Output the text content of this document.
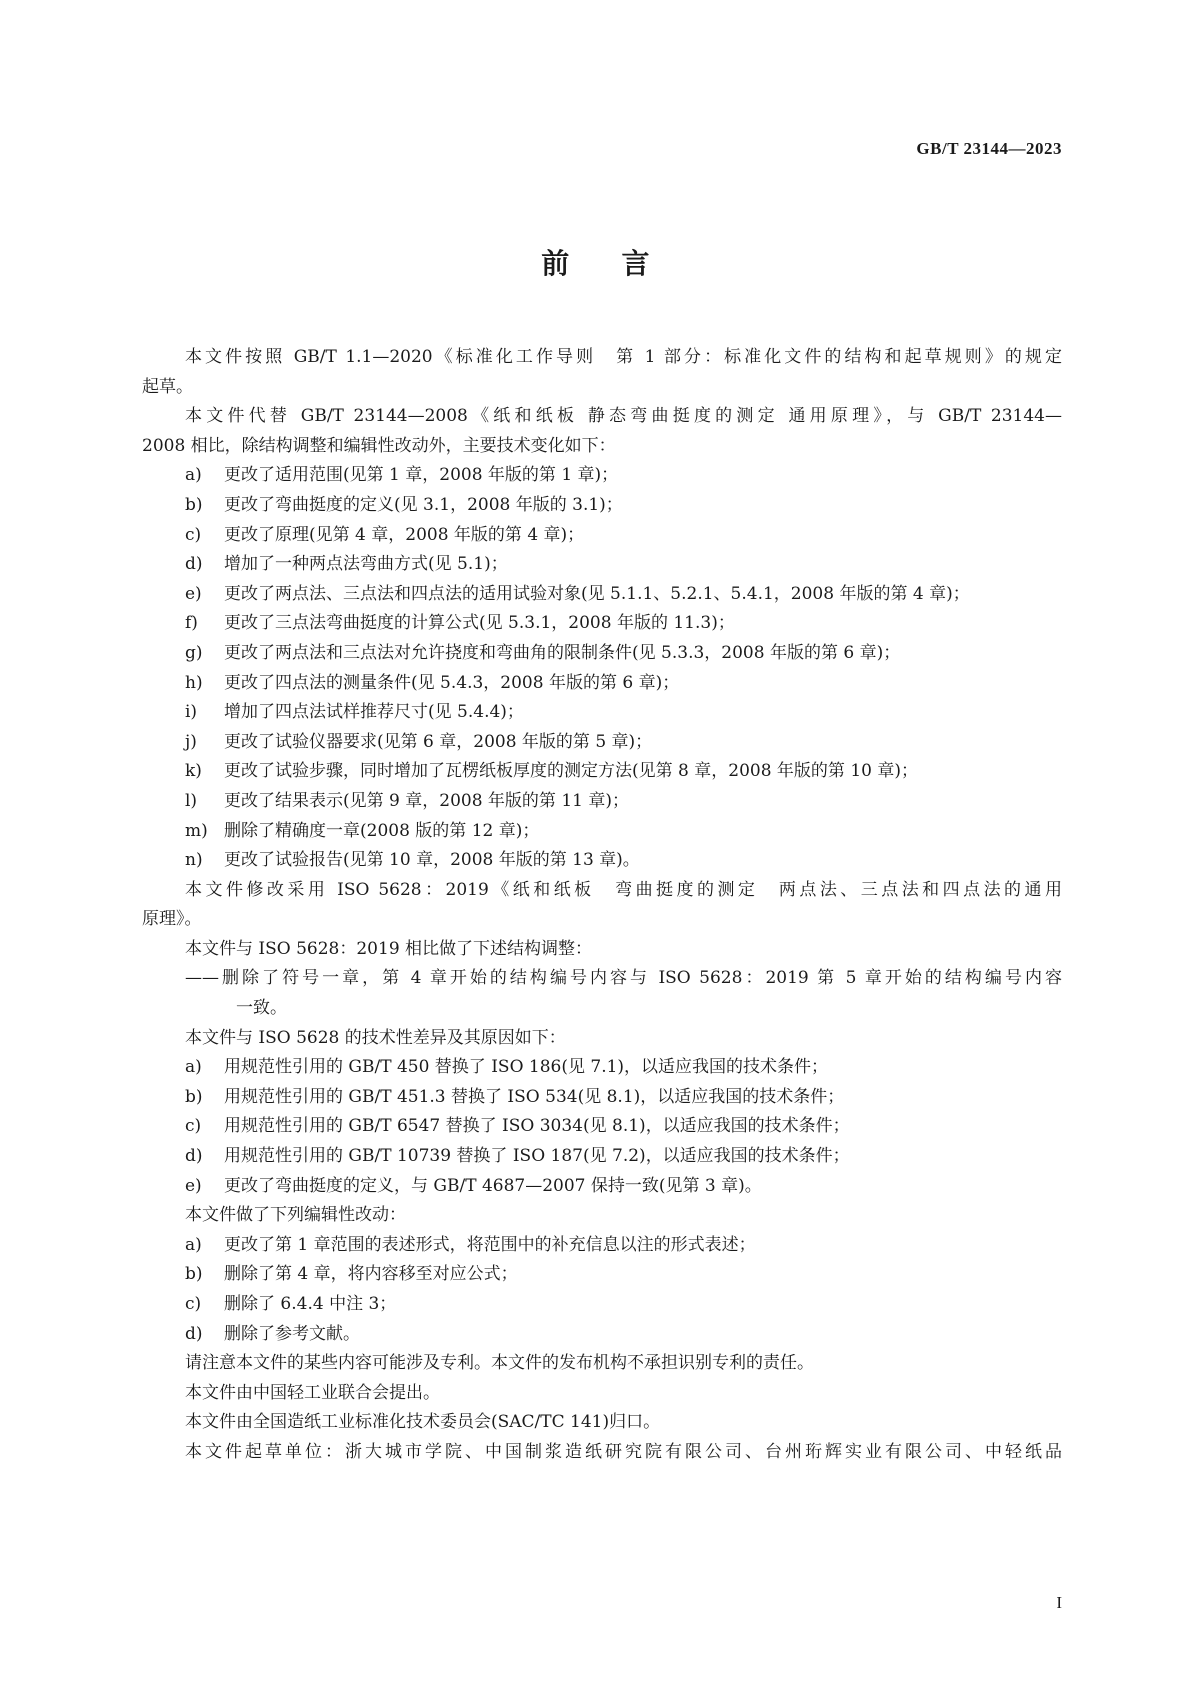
GB/T 23144—2023
前 言
本文件按照 GB/T 1.1—2020《标准化工作导则　第 1 部分：标准化文件的结构和起草规则》的规定
起草。
本文件代替 GB/T 23144—2008《纸和纸板 静态弯曲挺度的测定 通用原理》，与 GB/T 23144—
2008 相比，除结构调整和编辑性改动外，主要技术变化如下：
a) 更改了适用范围(见第 1 章，2008 年版的第 1 章)；
b) 更改了弯曲挺度的定义(见 3.1，2008 年版的 3.1)；
c) 更改了原理(见第 4 章，2008 年版的第 4 章)；
d) 增加了一种两点法弯曲方式(见 5.1)；
e) 更改了两点法、三点法和四点法的适用试验对象(见 5.1.1、5.2.1、5.4.1，2008 年版的第 4 章)；
f) 更改了三点法弯曲挺度的计算公式(见 5.3.1，2008 年版的 11.3)；
g) 更改了两点法和三点法对允许挠度和弯曲角的限制条件(见 5.3.3，2008 年版的第 6 章)；
h) 更改了四点法的测量条件(见 5.4.3，2008 年版的第 6 章)；
i) 增加了四点法试样推荐尺寸(见 5.4.4)；
j) 更改了试验仪器要求(见第 6 章，2008 年版的第 5 章)；
k) 更改了试验步骤，同时增加了瓦楞纸板厚度的测定方法(见第 8 章，2008 年版的第 10 章)；
l) 更改了结果表示(见第 9 章，2008 年版的第 11 章)；
m) 删除了精确度一章(2008 版的第 12 章)；
n) 更改了试验报告(见第 10 章，2008 年版的第 13 章)。
本文件修改采用 ISO 5628：2019《纸和纸板　弯曲挺度的测定　两点法、三点法和四点法的通用
原理》。
本文件与 ISO 5628：2019 相比做了下述结构调整：
——删除了符号一章，第 4 章开始的结构编号内容与 ISO 5628：2019 第 5 章开始的结构编号内容
一致。
本文件与 ISO 5628 的技术性差异及其原因如下：
a) 用规范性引用的 GB/T 450 替换了 ISO 186(见 7.1)，以适应我国的技术条件；
b) 用规范性引用的 GB/T 451.3 替换了 ISO 534(见 8.1)，以适应我国的技术条件；
c) 用规范性引用的 GB/T 6547 替换了 ISO 3034(见 8.1)，以适应我国的技术条件；
d) 用规范性引用的 GB/T 10739 替换了 ISO 187(见 7.2)，以适应我国的技术条件；
e) 更改了弯曲挺度的定义，与 GB/T 4687—2007 保持一致(见第 3 章)。
本文件做了下列编辑性改动：
a) 更改了第 1 章范围的表述形式，将范围中的补充信息以注的形式表述；
b) 删除了第 4 章，将内容移至对应公式；
c) 删除了 6.4.4 中注 3；
d) 删除了参考文献。
请注意本文件的某些内容可能涉及专利。本文件的发布机构不承担识别专利的责任。
本文件由中国轻工业联合会提出。
本文件由全国造纸工业标准化技术委员会(SAC/TC 141)归口。
本文件起草单位：浙大城市学院、中国制浆造纸研究院有限公司、台州珩辉实业有限公司、中轻纸品
I
